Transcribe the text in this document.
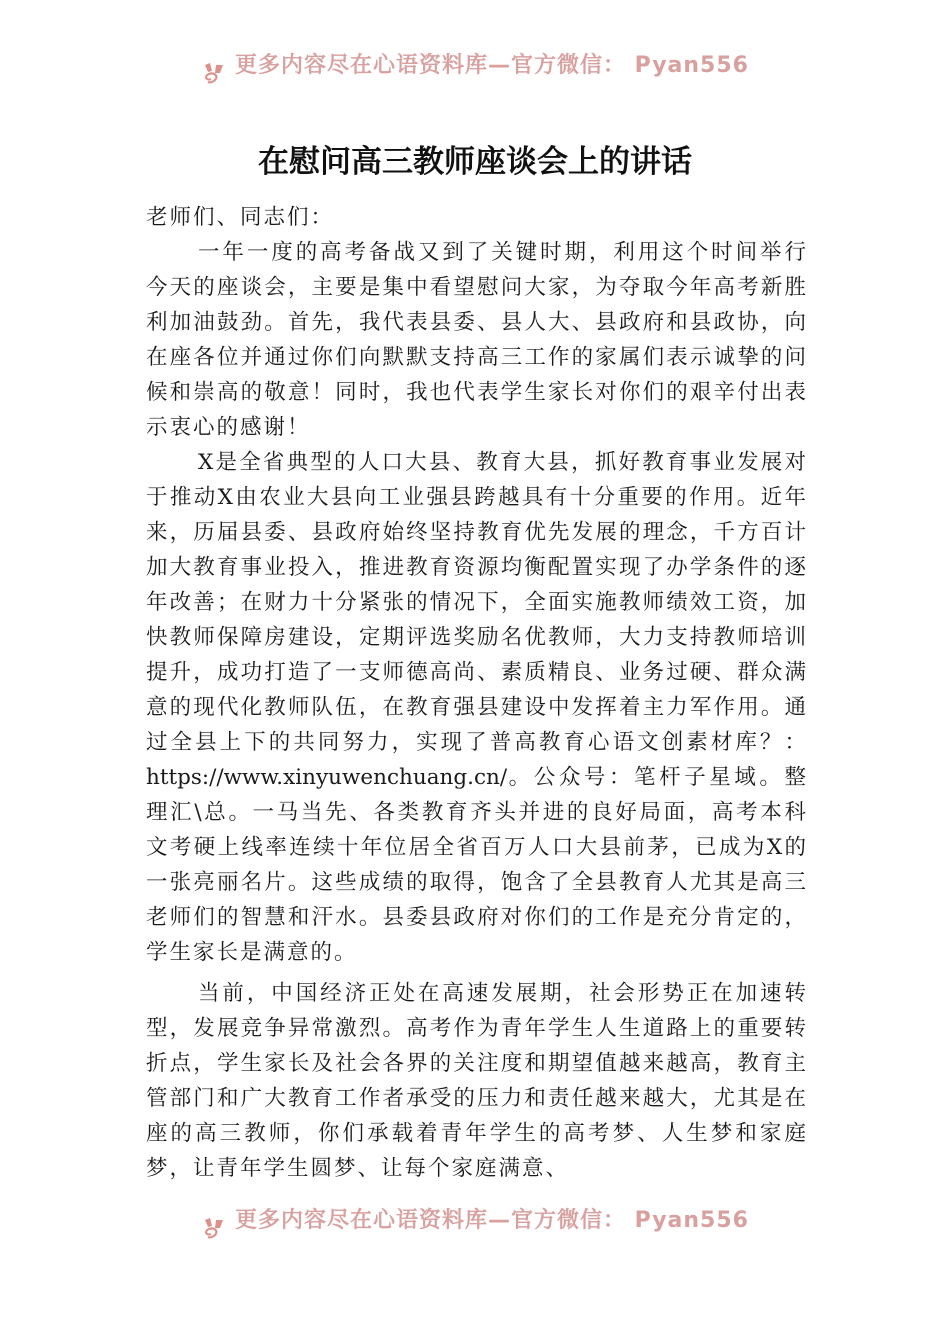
更多内容尽在心语资料库—官方微信： Pyan556
在慰问高三教师座谈会上的讲话

老师们、同志们：

一年一度的高考备战又到了关键时期，利用这个时间举行今天的座谈会，主要是集中看望慰问大家，为夺取今年高考新胜利加油鼓劲。首先，我代表县委、县人大、县政府和县政协，向在座各位并通过你们向默默支持高三工作的家属们表示诚挚的问候和崇高的敬意！同时，我也代表学生家长对你们的艰辛付出表示衷心的感谢！

X是全省典型的人口大县、教育大县，抓好教育事业发展对于推动X由农业大县向工业强县跨越具有十分重要的作用。近年来，历届县委、县政府始终坚持教育优先发展的理念，千方百计加大教育事业投入，推进教育资源均衡配置实现了办学条件的逐年改善；在财力十分紧张的情况下，全面实施教师绩效工资，加快教师保障房建设，定期评选奖励名优教师，大力支持教师培训提升，成功打造了一支师德高尚、素质精良、业务过硬、群众满意的现代化教师队伍，在教育强县建设中发挥着主力军作用。通过全县上下的共同努力，实现了普高教育心语文创素材库？：https://www.xinyuwenchuang.cn/。公众号：笔杆子星域。整理汇\总。一马当先、各类教育齐头并进的良好局面，高考本科文考硬上线率连续十年位居全省百万人口大县前茅，已成为X的一张亮丽名片。这些成绩的取得，饱含了全县教育人尤其是高三老师们的智慧和汗水。县委县政府对你们的工作是充分肯定的，学生家长是满意的。

当前，中国经济正处在高速发展期，社会形势正在加速转型，发展竞争异常激烈。高考作为青年学生人生道路上的重要转折点，学生家长及社会各界的关注度和期望值越来越高，教育主管部门和广大教育工作者承受的压力和责任越来越大，尤其是在座的高三教师，你们承载着青年学生的高考梦、人生梦和家庭梦，让青年学生圆梦、让每个家庭满意、

更多内容尽在心语资料库—官方微信： Pyan556
